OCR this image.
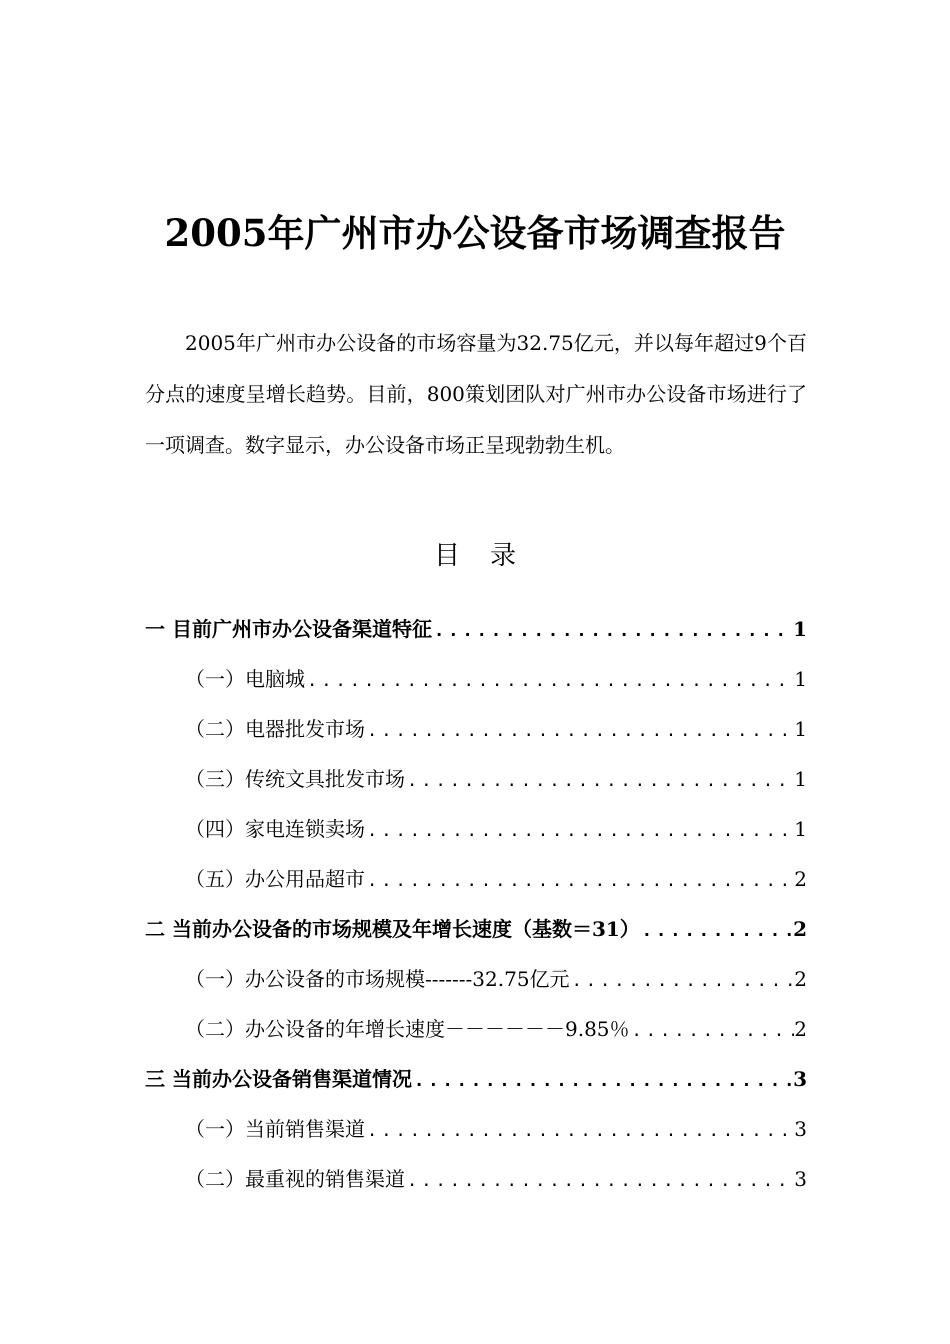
2005年广州市办公设备市场调查报告

2005年广州市办公设备的市场容量为32.75亿元，并以每年超过9个百分点的速度呈增长趋势。目前，800策划团队对广州市办公设备市场进行了一项调查。数字显示，办公设备市场正呈现勃勃生机。

目录
一 目前广州市办公设备渠道特征 .....	1
（一）电脑城 .....	1
（二）电器批发市场 .....	1
（三）传统文具批发市场 .....	1
（四）家电连锁卖场 .....	1
（五）办公用品超市 .....	2
二 当前办公设备的市场规模及年增长速度（基数＝31） .....	2
（一）办公设备的市场规模-------32.75亿元 .....	2
（二）办公设备的年增长速度－－－－－－9.85％ .....	2
三 当前办公设备销售渠道情况 .....	3
（一）当前销售渠道 .....	3
（二）最重视的销售渠道 .....	3
